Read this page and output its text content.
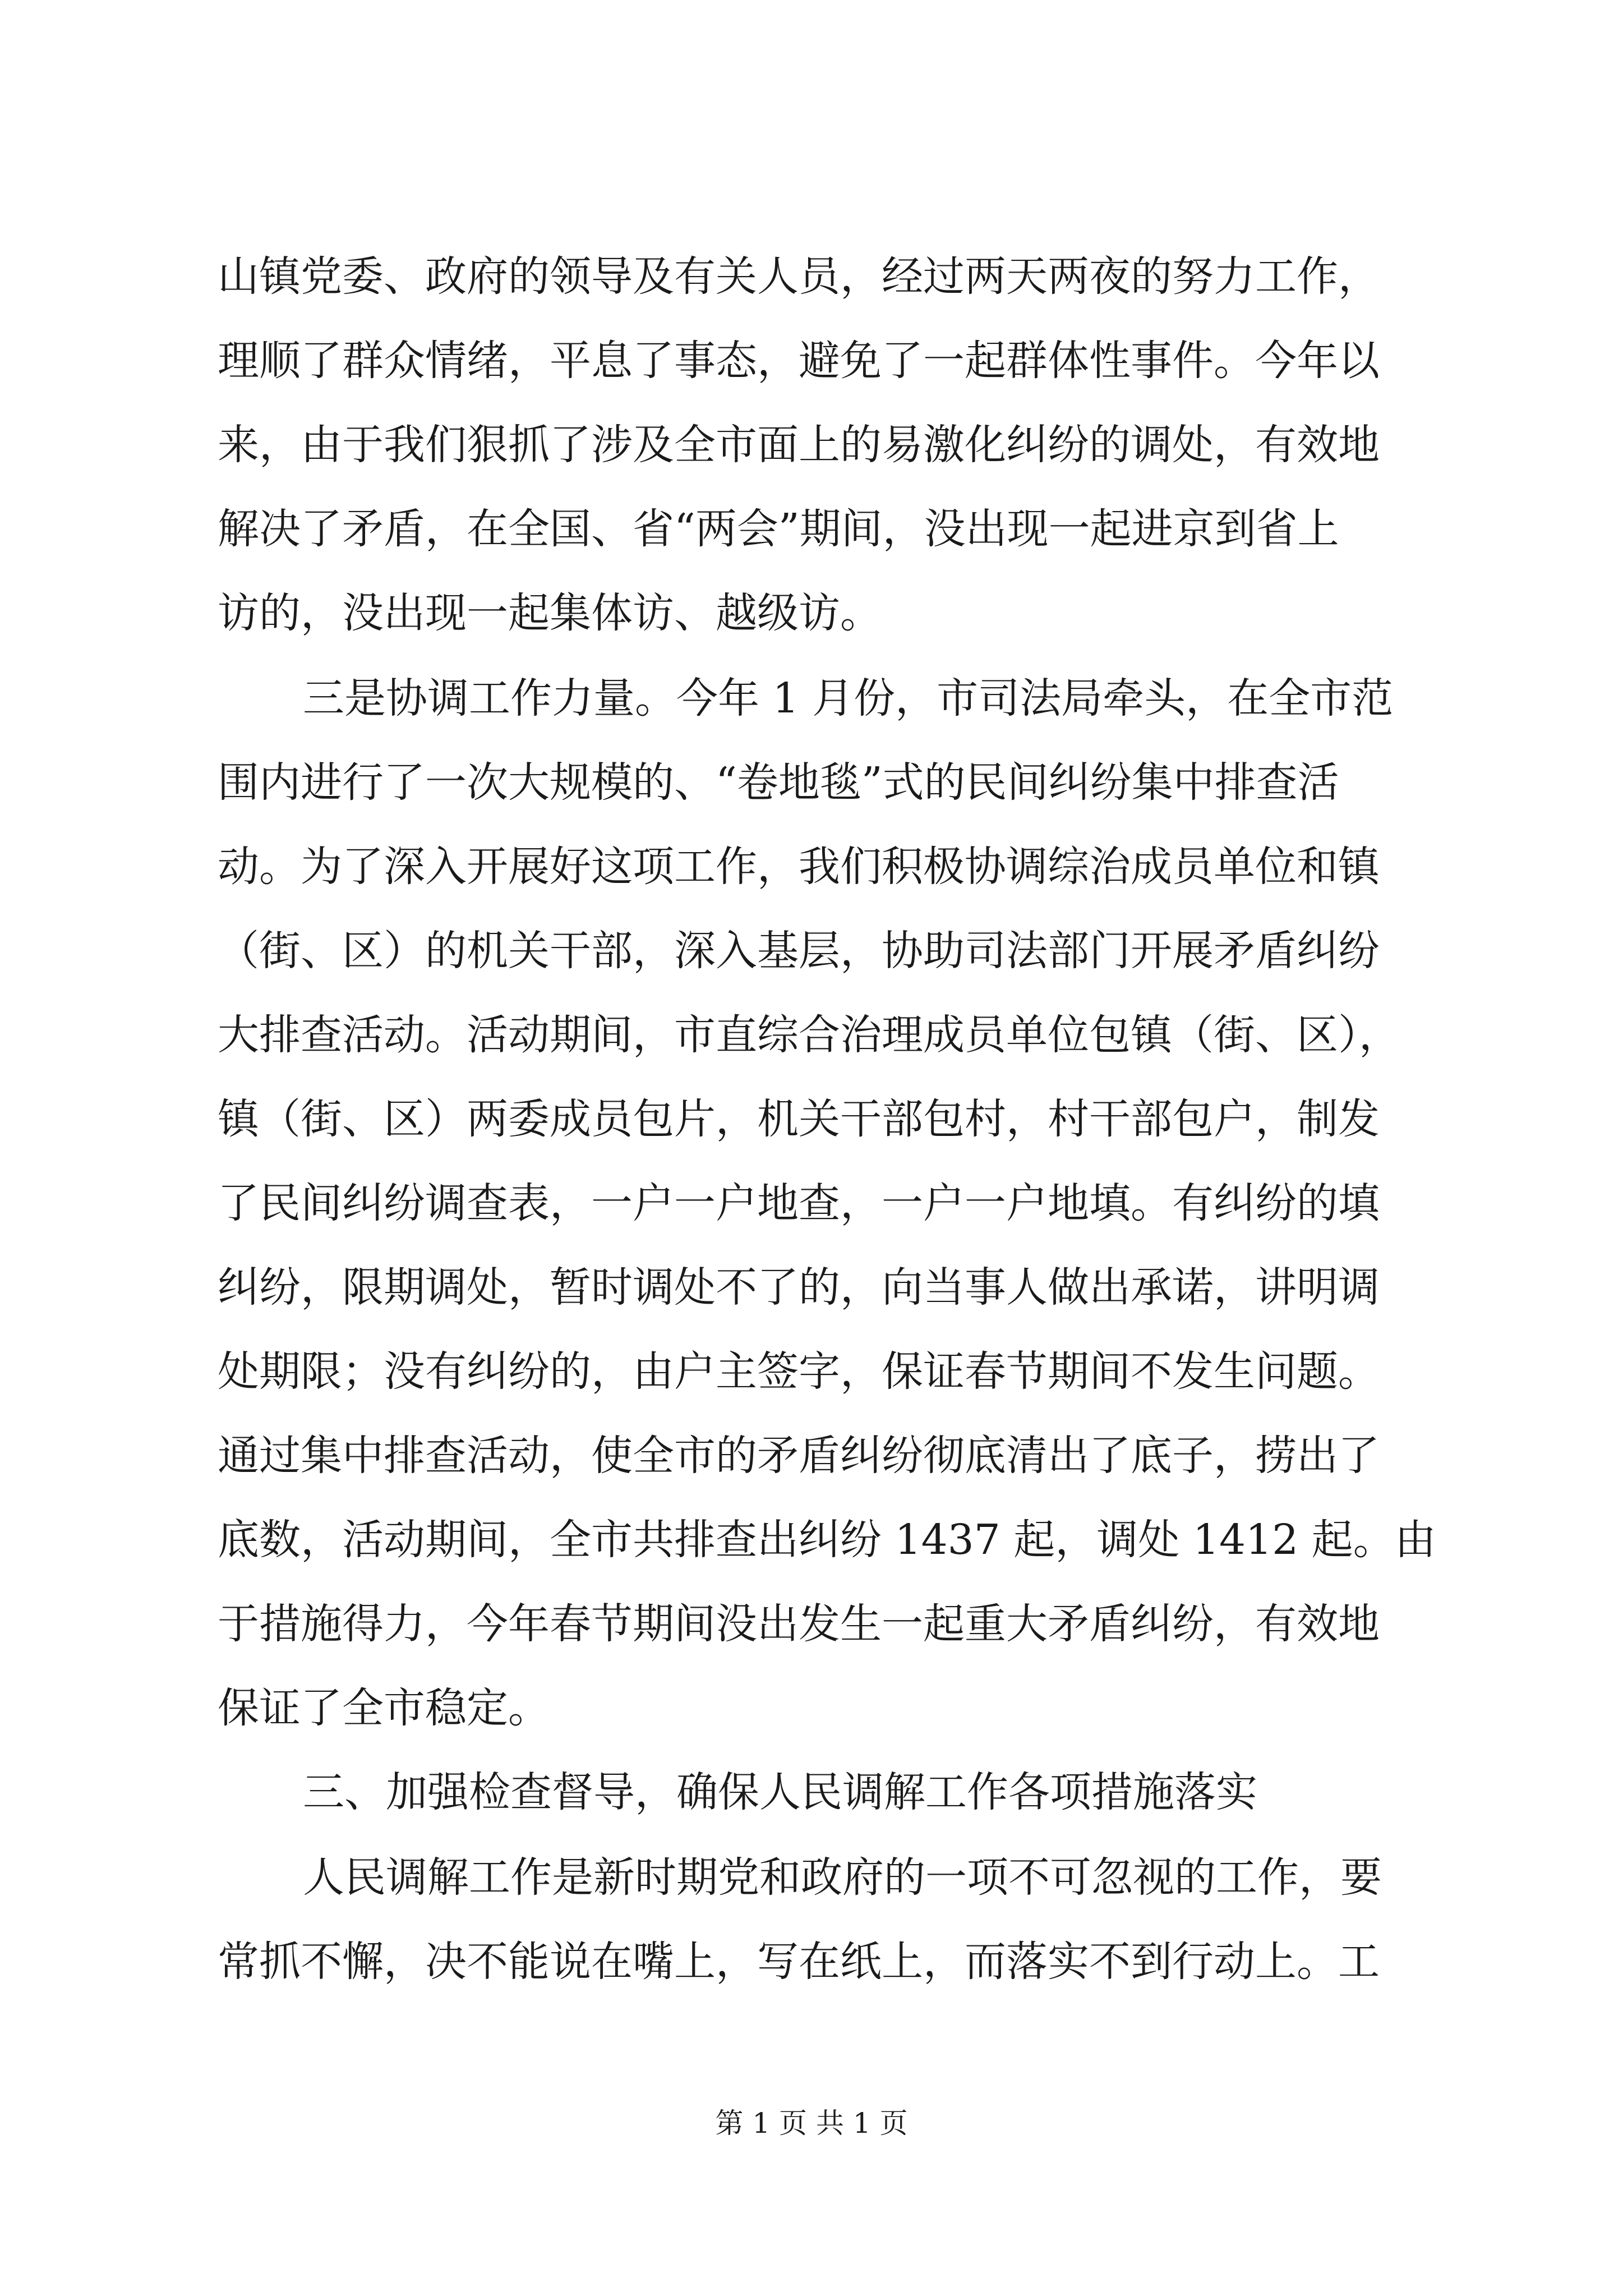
山镇党委、政府的领导及有关人员，经过两天两夜的努力工作，
理顺了群众情绪，平息了事态，避免了一起群体性事件。今年以
来，由于我们狠抓了涉及全市面上的易激化纠纷的调处，有效地
解决了矛盾，在全国、省“两会”期间，没出现一起进京到省上
访的，没出现一起集体访、越级访。
三是协调工作力量。今年 1 月份，市司法局牵头，在全市范
围内进行了一次大规模的、“卷地毯”式的民间纠纷集中排查活
动。为了深入开展好这项工作，我们积极协调综治成员单位和镇
（街、区）的机关干部，深入基层，协助司法部门开展矛盾纠纷
大排查活动。活动期间，市直综合治理成员单位包镇（街、区），
镇（街、区）两委成员包片，机关干部包村，村干部包户，制发
了民间纠纷调查表，一户一户地查，一户一户地填。有纠纷的填
纠纷，限期调处，暂时调处不了的，向当事人做出承诺，讲明调
处期限；没有纠纷的，由户主签字，保证春节期间不发生问题。
通过集中排查活动，使全市的矛盾纠纷彻底清出了底子，捞出了
底数，活动期间，全市共排查出纠纷 1437 起，调处 1412 起。由
于措施得力，今年春节期间没出发生一起重大矛盾纠纷，有效地
保证了全市稳定。
三、加强检查督导，确保人民调解工作各项措施落实
人民调解工作是新时期党和政府的一项不可忽视的工作，要
常抓不懈，决不能说在嘴上，写在纸上，而落实不到行动上。工
第 1 页 共 1 页
